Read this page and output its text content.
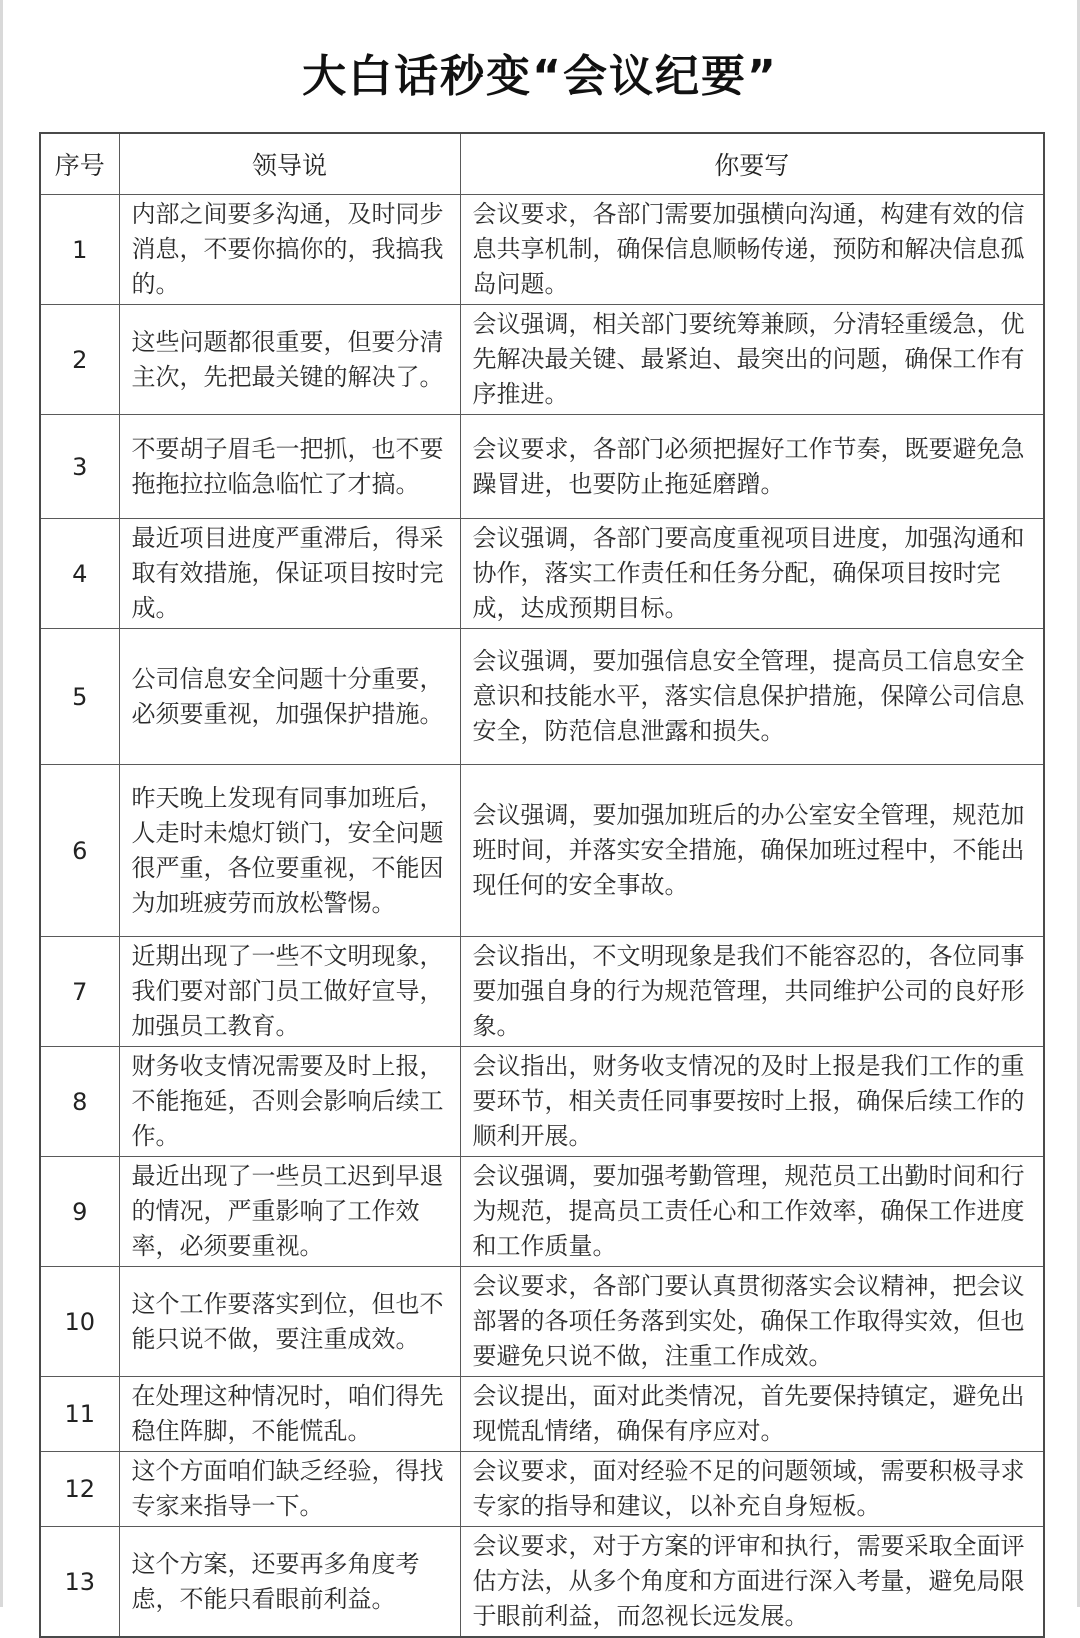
大白话秒变“会议纪要”
序号	领导说	你要写
1	内部之间要多沟通，及时同步消息，不要你搞你的，我搞我的。	会议要求，各部门需要加强横向沟通，构建有效的信息共享机制，确保信息顺畅传递，预防和解决信息孤岛问题。
2	这些问题都很重要，但要分清主次，先把最关键的解决了。	会议强调，相关部门要统筹兼顾，分清轻重缓急，优先解决最关键、最紧迫、最突出的问题，确保工作有序推进。
3	不要胡子眉毛一把抓，也不要拖拖拉拉临急临忙了才搞。	会议要求，各部门必须把握好工作节奏，既要避免急躁冒进，也要防止拖延磨蹭。
4	最近项目进度严重滞后，得采取有效措施，保证项目按时完成。	会议强调，各部门要高度重视项目进度，加强沟通和协作，落实工作责任和任务分配，确保项目按时完成，达成预期目标。
5	公司信息安全问题十分重要，必须要重视，加强保护措施。	会议强调，要加强信息安全管理，提高员工信息安全意识和技能水平，落实信息保护措施，保障公司信息安全，防范信息泄露和损失。
6	昨天晚上发现有同事加班后，人走时未熄灯锁门，安全问题很严重，各位要重视，不能因为加班疲劳而放松警惕。	会议强调，要加强加班后的办公室安全管理，规范加班时间，并落实安全措施，确保加班过程中，不能出现任何的安全事故。
7	近期出现了一些不文明现象，我们要对部门员工做好宣导，加强员工教育。	会议指出，不文明现象是我们不能容忍的，各位同事要加强自身的行为规范管理，共同维护公司的良好形象。
8	财务收支情况需要及时上报，不能拖延，否则会影响后续工作。	会议指出，财务收支情况的及时上报是我们工作的重要环节，相关责任同事要按时上报，确保后续工作的顺利开展。
9	最近出现了一些员工迟到早退的情况，严重影响了工作效率，必须要重视。	会议强调，要加强考勤管理，规范员工出勤时间和行为规范，提高员工责任心和工作效率，确保工作进度和工作质量。
10	这个工作要落实到位，但也不能只说不做，要注重成效。	会议要求，各部门要认真贯彻落实会议精神，把会议部署的各项任务落到实处，确保工作取得实效，但也要避免只说不做，注重工作成效。
11	在处理这种情况时，咱们得先稳住阵脚，不能慌乱。	会议提出，面对此类情况，首先要保持镇定，避免出现慌乱情绪，确保有序应对。
12	这个方面咱们缺乏经验，得找专家来指导一下。	会议要求，面对经验不足的问题领域，需要积极寻求专家的指导和建议，以补充自身短板。
13	这个方案，还要再多角度考虑，不能只看眼前利益。	会议要求，对于方案的评审和执行，需要采取全面评估方法，从多个角度和方面进行深入考量，避免局限于眼前利益，而忽视长远发展。
